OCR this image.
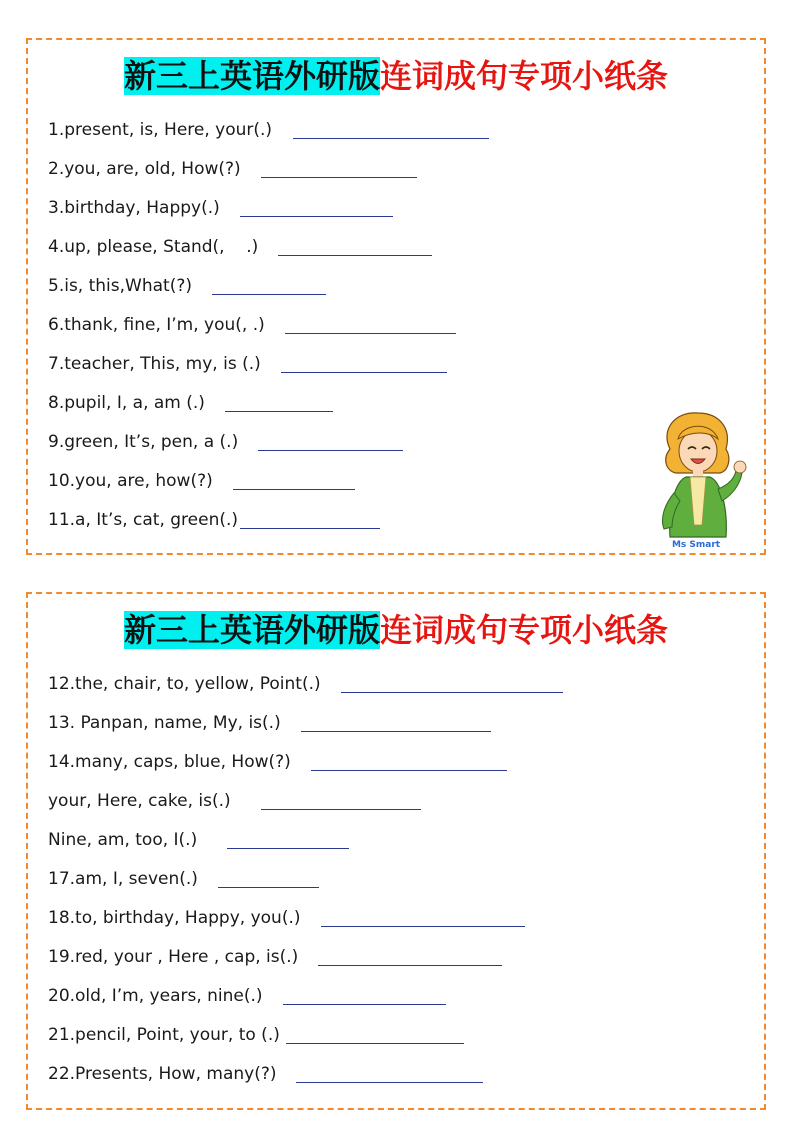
新三上英语外研版连词成句专项小纸条
1.present, is, Here, your(.)
2.you, are, old, How(?)
3.birthday, Happy(.)
4.up, please, Stand(,    .)
5.is, this,What(?)
6.thank, fine, I’m, you(, .)
7.teacher, This, my, is (.)
8.pupil, I, a, am (.)
9.green, It’s, pen, a (.)
10.you, are, how(?)
11.a, It’s, cat, green(.)
Ms Smart
新三上英语外研版连词成句专项小纸条
12.the, chair, to, yellow, Point(.)
13. Panpan, name, My, is(.)
14.many, caps, blue, How(?)
your, Here, cake, is(.)
Nine, am, too, I(.)
17.am, I, seven(.)
18.to, birthday, Happy, you(.)
19.red, your , Here , cap, is(.)
20.old, I’m, years, nine(.)
21.pencil, Point, your, to (.)
22.Presents, How, many(?)
